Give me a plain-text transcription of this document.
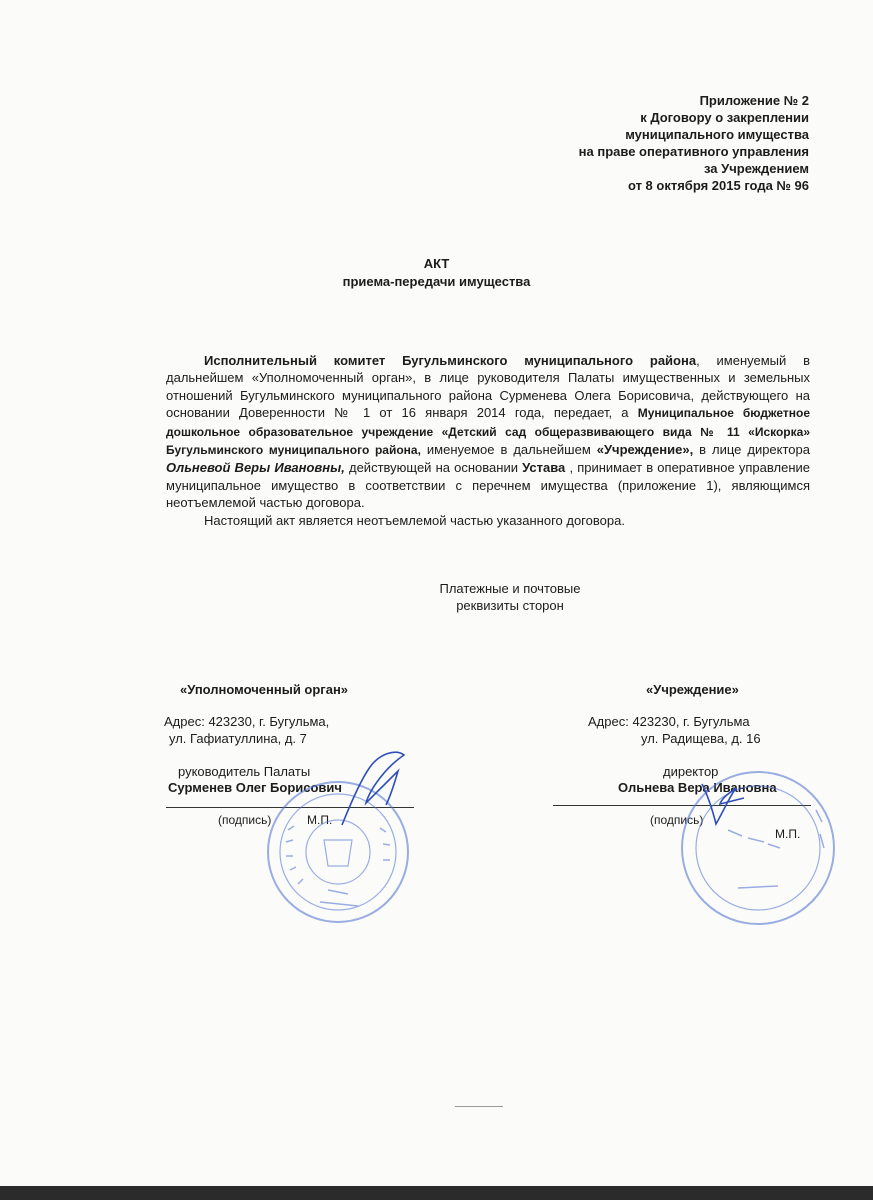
Приложение № 2
к Договору о закреплении
муниципального имущества
на праве оперативного управления
за Учреждением
от 8 октября 2015 года № 96
АКТ
приема-передачи имущества

Исполнительный комитет Бугульминского муниципального района, именуемый в дальнейшем «Уполномоченный орган», в лице руководителя Палаты имущественных и земельных отношений Бугульминского муниципального района Сурменева Олега Борисовича, действующего на основании Доверенности № 1 от 16 января 2014 года, передает, а Муниципальное бюджетное дошкольное образовательное учреждение «Детский сад общеразвивающего вида № 11 «Искорка» Бугульминского муниципального района, именуемое в дальнейшем «Учреждение», в лице директора Ольневой Веры Ивановны, действующей на основании Устава , принимает в оперативное управление муниципальное имущество в соответствии с перечнем имущества (приложение 1), являющимся неотъемлемой частью договора.

Настоящий акт является неотъемлемой частью указанного договора.

Платежные и почтовые
реквизиты сторон
«Уполномоченный орган»
Адрес: 423230, г. Бугульма,
ул. Гафиатуллина, д. 7
руководитель Палаты
Сурменев Олег Борисович
(подпись)	М.П.
«Учреждение»
Адрес: 423230, г. Бугульма
ул. Радищева, д. 16
директор
Ольнева Вера Ивановна
(подпись)
М.П.
